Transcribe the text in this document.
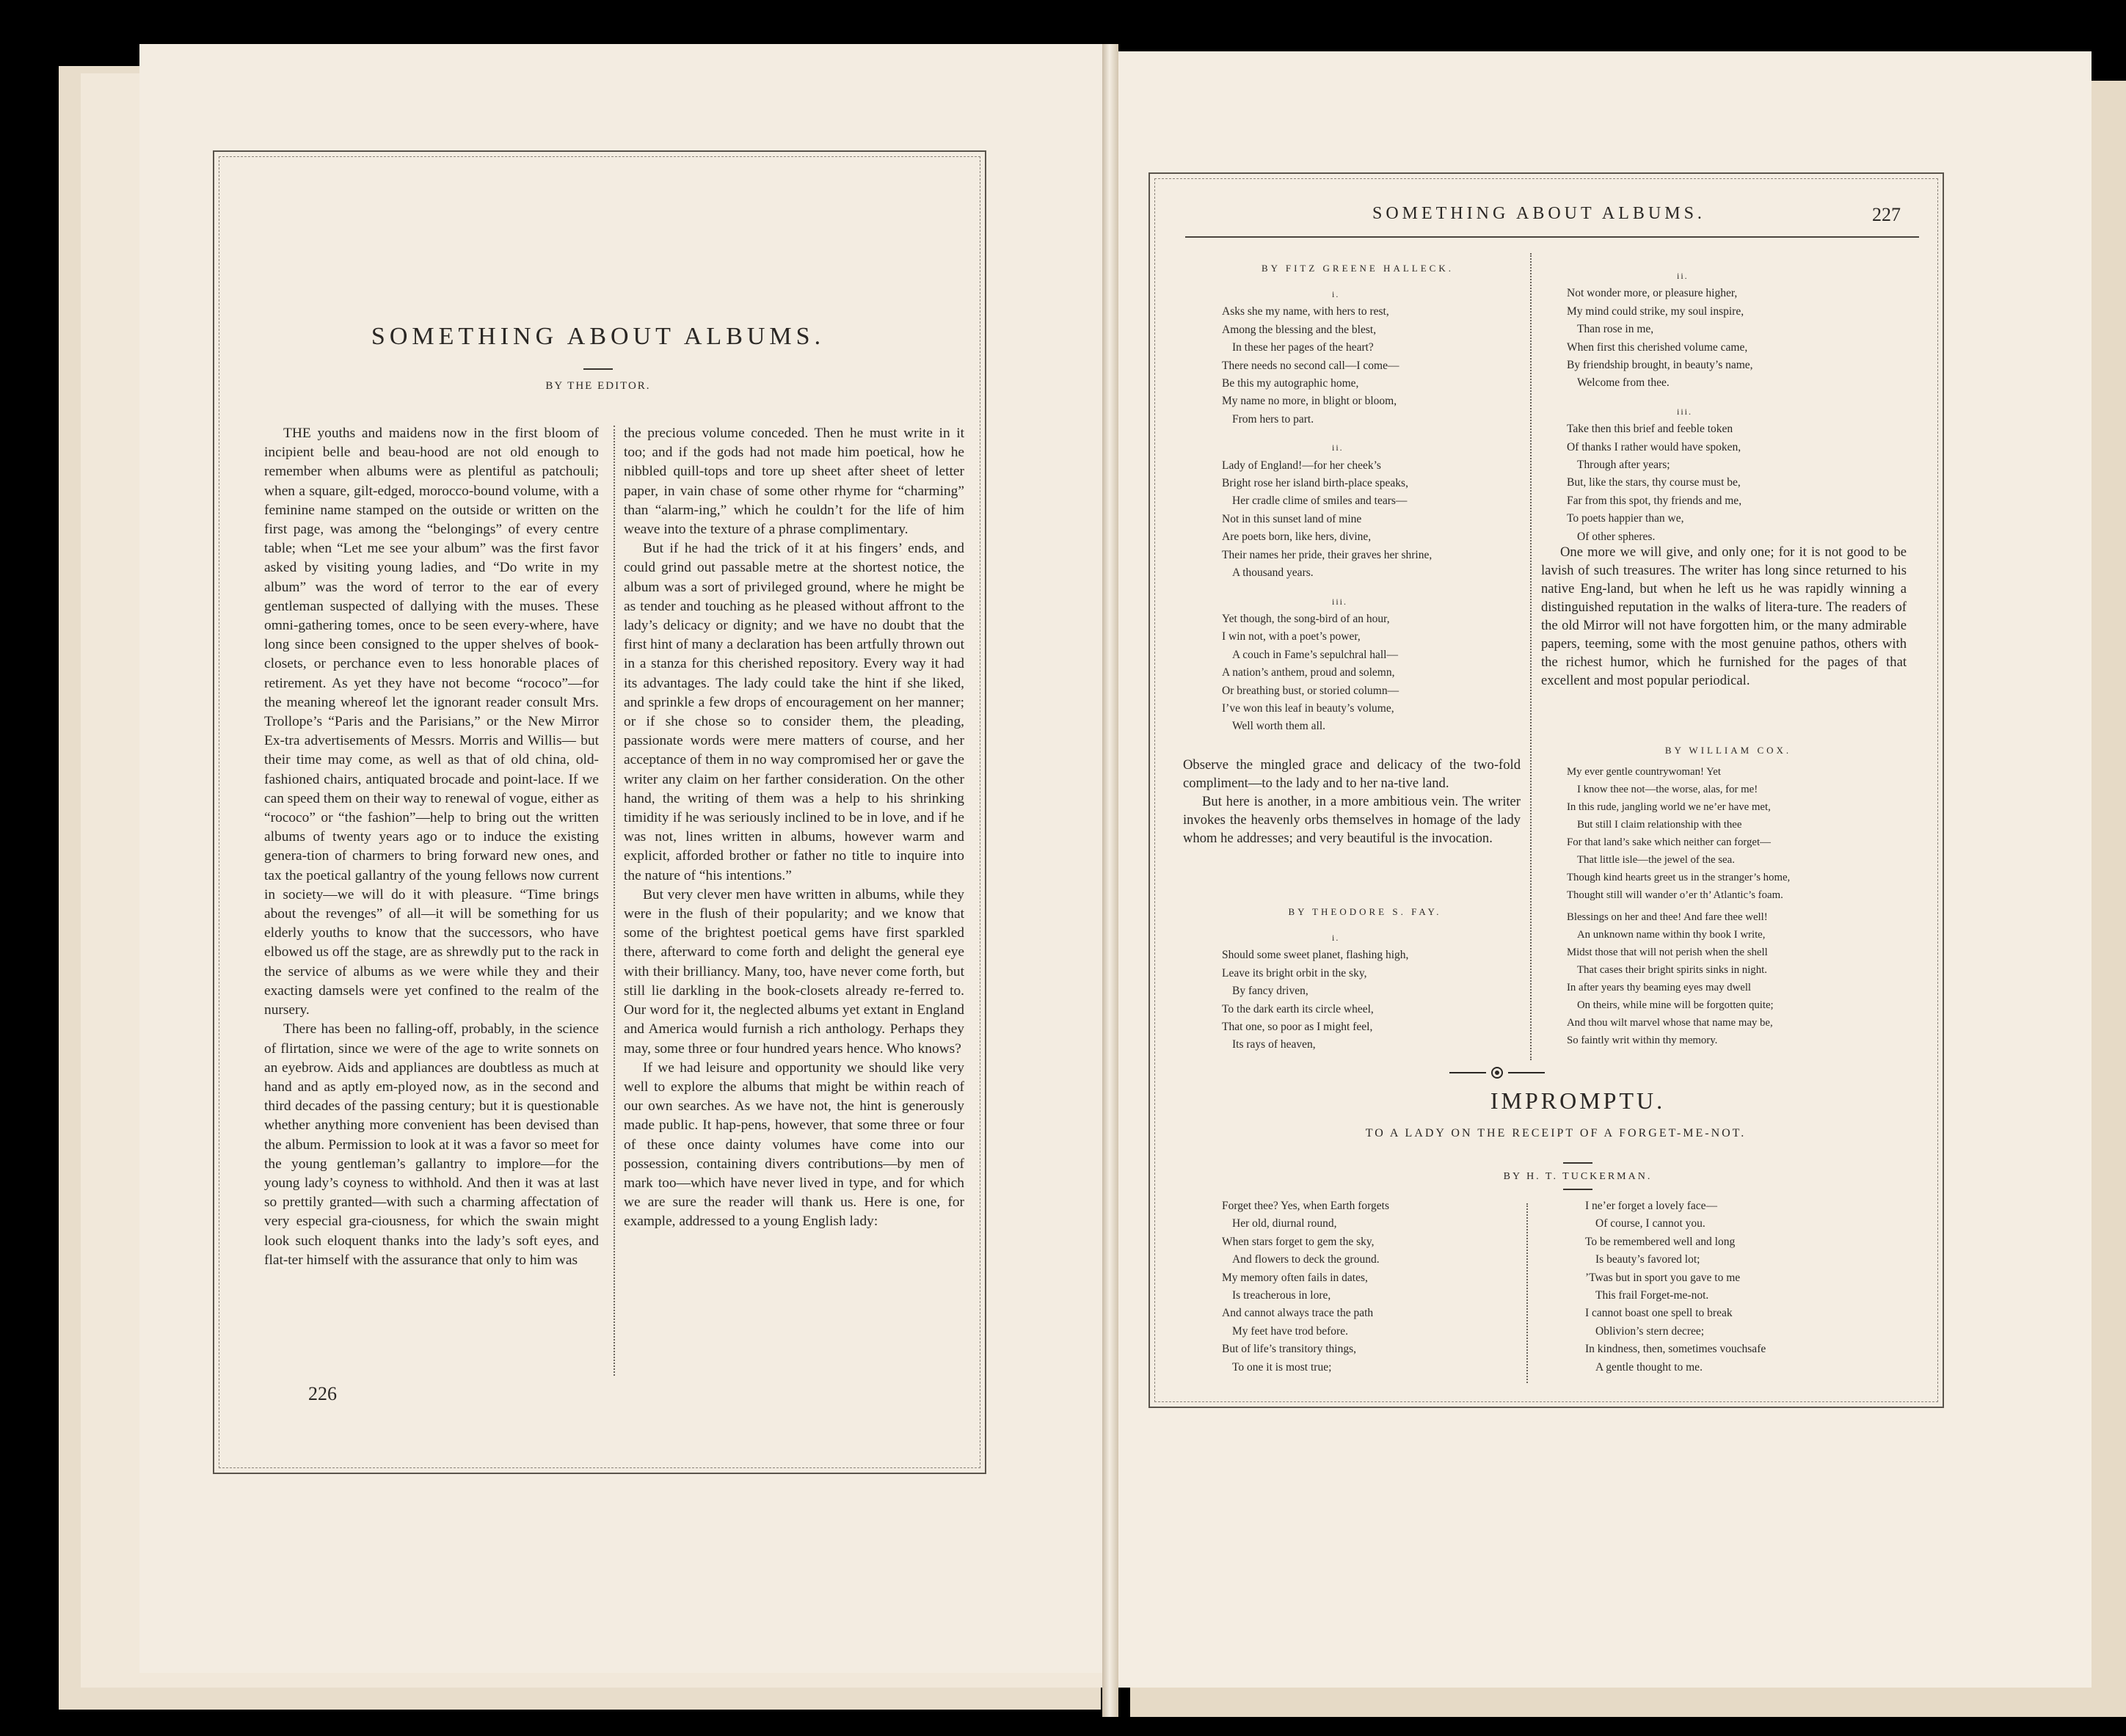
SOMETHING ABOUT ALBUMS.
BY THE EDITOR.

THE youths and maidens now in the first bloom of incipient belle and beau-hood are not old enough to remember when albums were as plentiful as patchouli; when a square, gilt-edged, morocco-bound volume, with a feminine name stamped on the outside or written on the first page, was among the “belongings” of every centre table; when “Let me see your album” was the first favor asked by visiting young ladies, and “Do write in my album” was the word of terror to the ear of every gentleman suspected of dallying with the muses. These omni-gathering tomes, once to be seen every-where, have long since been consigned to the upper shelves of book-closets, or perchance even to less honorable places of retirement. As yet they have not become “rococo”—for the meaning whereof let the ignorant reader consult Mrs. Trollope’s “Paris and the Parisians,” or the New Mirror Ex-tra advertisements of Messrs. Morris and Willis— but their time may come, as well as that of old china, old-fashioned chairs, antiquated brocade and point-lace. If we can speed them on their way to renewal of vogue, either as “rococo” or “the fashion”—help to bring out the written albums of twenty years ago or to induce the existing genera-tion of charmers to bring forward new ones, and tax the poetical gallantry of the young fellows now current in society—we will do it with pleasure. “Time brings about the revenges” of all—it will be something for us elderly youths to know that the successors, who have elbowed us off the stage, are as shrewdly put to the rack in the service of albums as we were while they and their exacting damsels were yet confined to the realm of the nursery.

There has been no falling-off, probably, in the science of flirtation, since we were of the age to write sonnets on an eyebrow. Aids and appliances are doubtless as much at hand and as aptly em-ployed now, as in the second and third decades of the passing century; but it is questionable whether anything more convenient has been devised than the album. Permission to look at it was a favor so meet for the young gentleman’s gallantry to implore—for the young lady’s coyness to withhold. And then it was at last so prettily granted—with such a charming affectation of very especial gra-ciousness, for which the swain might look such eloquent thanks into the lady’s soft eyes, and flat-ter himself with the assurance that only to him was

the precious volume conceded. Then he must write in it too; and if the gods had not made him poetical, how he nibbled quill-tops and tore up sheet after sheet of letter paper, in vain chase of some other rhyme for “charming” than “alarm-ing,” which he couldn’t for the life of him weave into the texture of a phrase complimentary.

But if he had the trick of it at his fingers’ ends, and could grind out passable metre at the shortest notice, the album was a sort of privileged ground, where he might be as tender and touching as he pleased without affront to the lady’s delicacy or dignity; and we have no doubt that the first hint of many a declaration has been artfully thrown out in a stanza for this cherished repository. Every way it had its advantages. The lady could take the hint if she liked, and sprinkle a few drops of encouragement on her manner; or if she chose so to consider them, the pleading, passionate words were mere matters of course, and her acceptance of them in no way compromised her or gave the writer any claim on her farther consideration. On the other hand, the writing of them was a help to his shrinking timidity if he was seriously inclined to be in love, and if he was not, lines written in albums, however warm and explicit, afforded brother or father no title to inquire into the nature of “his intentions.”

But very clever men have written in albums, while they were in the flush of their popularity; and we know that some of the brightest poetical gems have first sparkled there, afterward to come forth and delight the general eye with their brilliancy. Many, too, have never come forth, but still lie darkling in the book-closets already re-ferred to. Our word for it, the neglected albums yet extant in England and America would furnish a rich anthology. Perhaps they may, some three or four hundred years hence. Who knows?

If we had leisure and opportunity we should like very well to explore the albums that might be within reach of our own searches. As we have not, the hint is generously made public. It hap-pens, however, that some three or four of these once dainty volumes have come into our possession, containing divers contributions—by men of mark too—which have never lived in type, and for which we are sure the reader will thank us. Here is one, for example, addressed to a young English lady:

226
SOMETHING ABOUT ALBUMS.	227
BY FITZ GREENE HALLECK.
i.
Asks she my name, with hers to rest,
Among the blessing and the blest,
In these her pages of the heart?
There needs no second call—I come—
Be this my autographic home,
My name no more, in blight or bloom,
From hers to part.
ii.
Lady of England!—for her cheek’s
Bright rose her island birth-place speaks,
Her cradle clime of smiles and tears—
Not in this sunset land of mine
Are poets born, like hers, divine,
Their names her pride, their graves her shrine,
A thousand years.
iii.
Yet though, the song-bird of an hour,
I win not, with a poet’s power,
A couch in Fame’s sepulchral hall—
A nation’s anthem, proud and solemn,
Or breathing bust, or storied column—
I’ve won this leaf in beauty’s volume,
Well worth them all.

Observe the mingled grace and delicacy of the two-fold compliment—to the lady and to her na-tive land.

But here is another, in a more ambitious vein. The writer invokes the heavenly orbs themselves in homage of the lady whom he addresses; and very beautiful is the invocation.

BY THEODORE S. FAY.
i.
Should some sweet planet, flashing high,
Leave its bright orbit in the sky,
By fancy driven,
To the dark earth its circle wheel,
That one, so poor as I might feel,
Its rays of heaven,
ii.
Not wonder more, or pleasure higher,
My mind could strike, my soul inspire,
Than rose in me,
When first this cherished volume came,
By friendship brought, in beauty’s name,
Welcome from thee.
iii.
Take then this brief and feeble token
Of thanks I rather would have spoken,
Through after years;
But, like the stars, thy course must be,
Far from this spot, thy friends and me,
To poets happier than we,
Of other spheres.

One more we will give, and only one; for it is not good to be lavish of such treasures. The writer has long since returned to his native Eng-land, but when he left us he was rapidly winning a distinguished reputation in the walks of litera-ture. The readers of the old Mirror will not have forgotten him, or the many admirable papers, teeming, some with the most genuine pathos, others with the richest humor, which he furnished for the pages of that excellent and most popular periodical.

BY WILLIAM COX.
My ever gentle countrywoman! Yet
I know thee not—the worse, alas, for me!
In this rude, jangling world we ne’er have met,
But still I claim relationship with thee
For that land’s sake which neither can forget—
That little isle—the jewel of the sea.
Though kind hearts greet us in the stranger’s home,
Thought still will wander o’er th’ Atlantic’s foam.
Blessings on her and thee! And fare thee well!
An unknown name within thy book I write,
Midst those that will not perish when the shell
That cases their bright spirits sinks in night.
In after years thy beaming eyes may dwell
On theirs, while mine will be forgotten quite;
And thou wilt marvel whose that name may be,
So faintly writ within thy memory.
IMPROMPTU.
TO A LADY ON THE RECEIPT OF A FORGET-ME-NOT.
BY H. T. TUCKERMAN.
Forget thee? Yes, when Earth forgets
Her old, diurnal round,
When stars forget to gem the sky,
And flowers to deck the ground.
My memory often fails in dates,
Is treacherous in lore,
And cannot always trace the path
My feet have trod before.
But of life’s transitory things,
To one it is most true;
I ne’er forget a lovely face—
Of course, I cannot you.
To be remembered well and long
Is beauty’s favored lot;
’Twas but in sport you gave to me
This frail Forget-me-not.
I cannot boast one spell to break
Oblivion’s stern decree;
In kindness, then, sometimes vouchsafe
A gentle thought to me.
